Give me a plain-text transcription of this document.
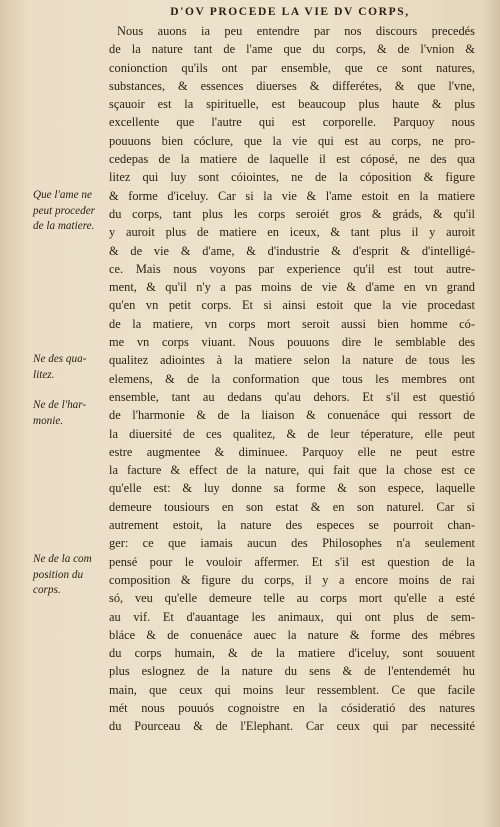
D'OV PROCEDE LA VIE DV CORPS,
Nous auons ia peu entendre par nos discours precedés
de la nature tant de l'ame que du corps, & de l'vnion &
conionction qu'ils ont par ensemble, que ce sont natures,
substances, & essences diuerses & differétes, & que l'vne,
sçauoir est la spirituelle, est beaucoup plus haute & plus
excellente que l'autre qui est corporelle. Parquoy nous
pouuons bien cóclure, que la vie qui est au corps, ne pro-
cedepas de la matiere de laquelle il est cóposé, ne des qua
litez qui luy sont cóiointes, ne de la cóposition & figure
& forme d'iceluy. Car si la vie & l'ame estoit en la matiere
du corps, tant plus les corps seroiét gros & gráds, & qu'il
y auroit plus de matiere en iceux, & tant plus il y auroit
& de vie & d'ame, & d'industrie & d'esprit & d'intelligé-
ce. Mais nous voyons par experience qu'il est tout autre-
ment, & qu'il n'y a pas moins de vie & d'ame en vn grand
qu'en vn petit corps. Et si ainsi estoit que la vie procedast
de la matiere, vn corps mort seroit aussi bien homme có-
me vn corps viuant. Nous pouuons dire le semblable des
qualitez adiointes à la matiere selon la nature de tous les
elemens, & de la conformation que tous les membres ont
ensemble, tant au dedans qu'au dehors. Et s'il est questió
de l'harmonie & de la liaison & conuenáce qui ressort de
la diuersité de ces qualitez, & de leur téperature, elle peut
estre augmentee & diminuee. Parquoy elle ne peut estre
la facture & effect de la nature, qui fait que la chose est ce
qu'elle est: & luy donne sa forme & son espece, laquelle
demeure tousiours en son estat & en son naturel. Car si
autrement estoit, la nature des especes se pourroit chan-
ger: ce que iamais aucun des Philosophes n'a seulement
pensé pour le vouloir affermer. Et s'il est question de la
composition & figure du corps, il y a encore moins de rai
só, veu qu'elle demeure telle au corps mort qu'elle a esté
au vif. Et d'auantage les animaux, qui ont plus de sem-
bláce & de conuenáce auec la nature & forme des mébres
du corps humain, & de la matiere d'iceluy, sont souuent
plus eslognez de la nature du sens & de l'entendemét hu
main, que ceux qui moins leur ressemblent. Ce que facile
mét nous pouuós cognoistre en la cósideratió des natures
du Pourceau & de l'Elephant. Car ceux qui par necessité
Que l'ame ne
peut proceder
de la matiere.
Ne des qua-
litez.
Ne de l'har-
monie.
Ne de la com
position du
corps.
